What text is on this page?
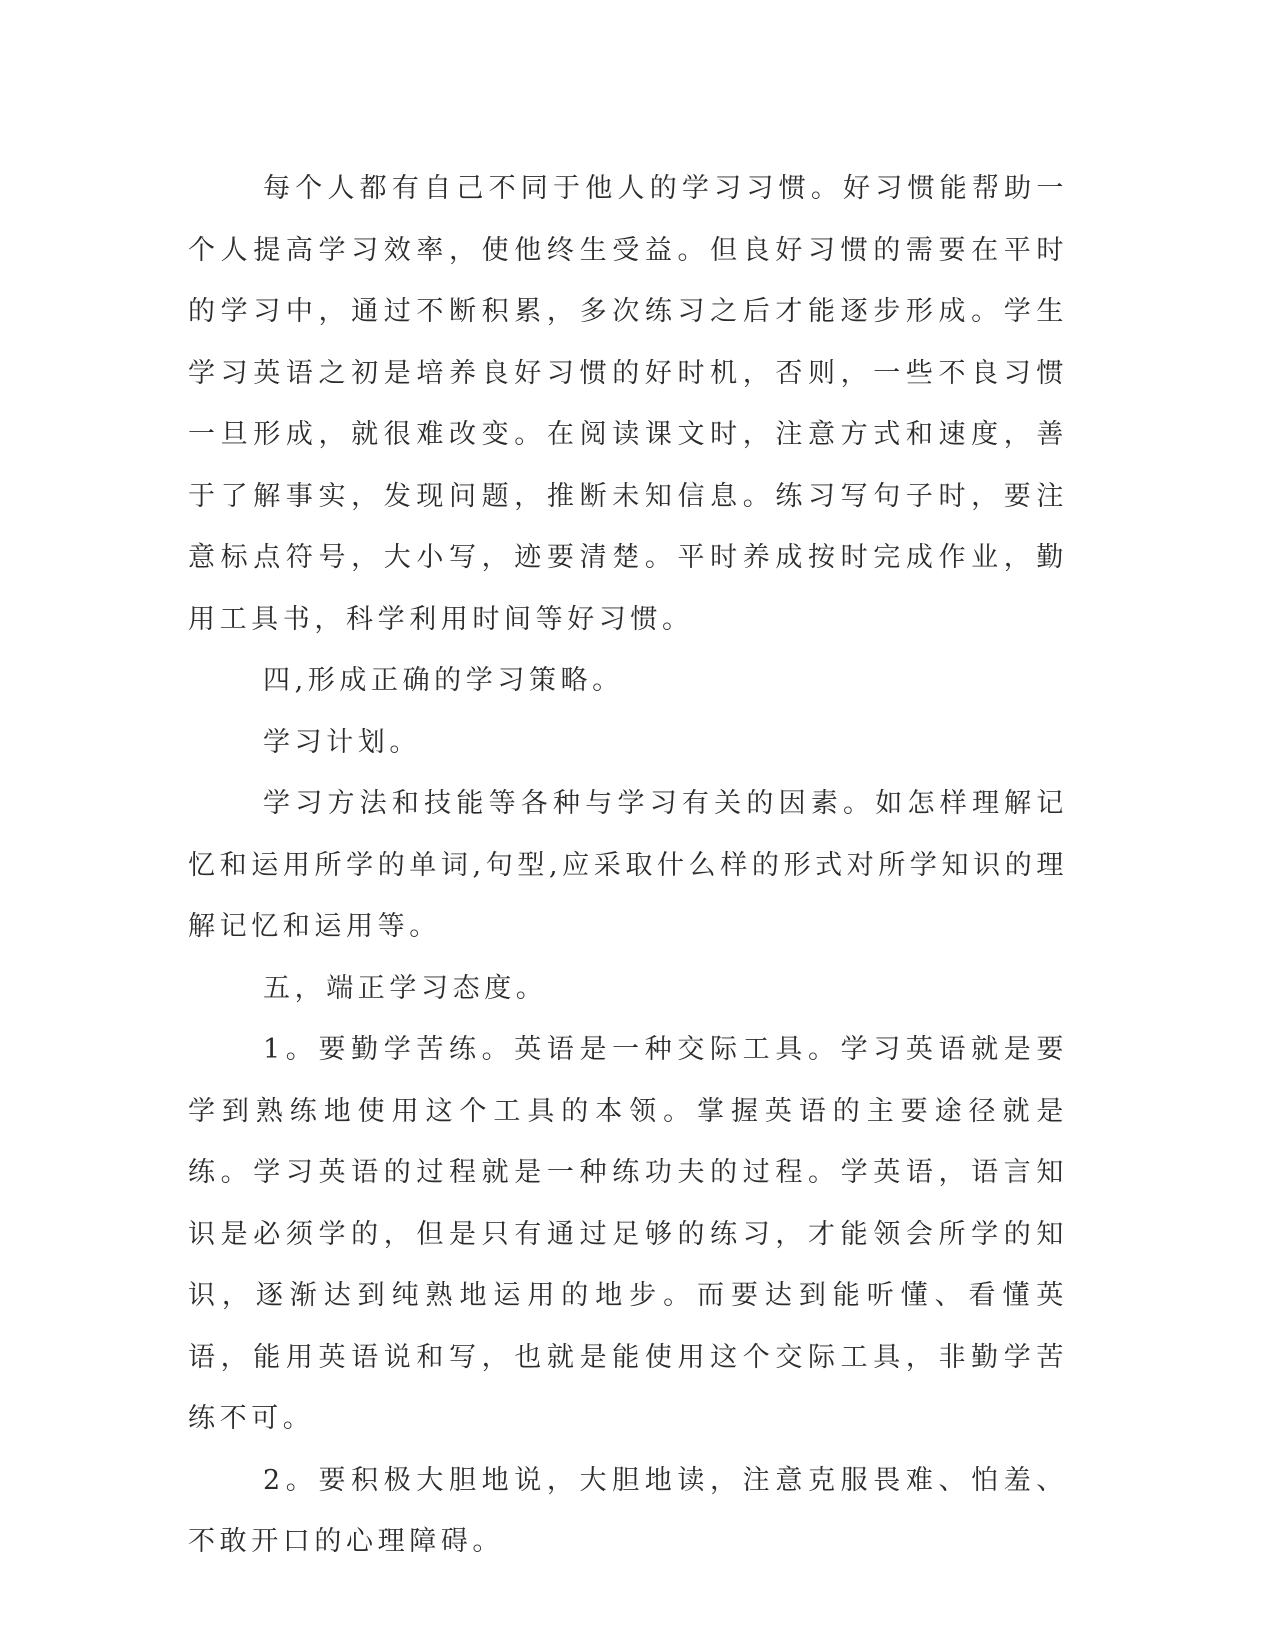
每个人都有自己不同于他人的学习习惯。好习惯能帮助一个人提高学习效率，使他终生受益。但良好习惯的需要在平时的学习中，通过不断积累，多次练习之后才能逐步形成。学生学习英语之初是培养良好习惯的好时机，否则，一些不良习惯一旦形成，就很难改变。在阅读课文时，注意方式和速度，善于了解事实，发现问题，推断未知信息。练习写句子时，要注意标点符号，大小写，迹要清楚。平时养成按时完成作业，勤用工具书，科学利用时间等好习惯。

四,形成正确的学习策略。

学习计划。

学习方法和技能等各种与学习有关的因素。如怎样理解记忆和运用所学的单词,句型,应采取什么样的形式对所学知识的理解记忆和运用等。

五，端正学习态度。

1。要勤学苦练。英语是一种交际工具。学习英语就是要学到熟练地使用这个工具的本领。掌握英语的主要途径就是练。学习英语的过程就是一种练功夫的过程。学英语，语言知识是必须学的，但是只有通过足够的练习，才能领会所学的知识，逐渐达到纯熟地运用的地步。而要达到能听懂、看懂英语，能用英语说和写，也就是能使用这个交际工具，非勤学苦练不可。

2。要积极大胆地说，大胆地读，注意克服畏难、怕羞、不敢开口的心理障碍。
